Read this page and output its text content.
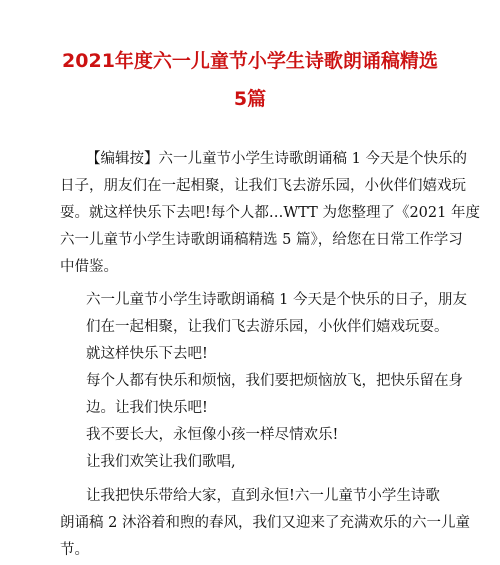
2021年度六一儿童节小学生诗歌朗诵稿精选
5篇

【编辑按】六一儿童节小学生诗歌朗诵稿 1 今天是个快乐的
日子，朋友们在一起相聚，让我们飞去游乐园，小伙伴们嬉戏玩
耍。就这样快乐下去吧!每个人都…WTT 为您整理了《2021 年度
六一儿童节小学生诗歌朗诵稿精选 5 篇》，给您在日常工作学习
中借鉴。

六一儿童节小学生诗歌朗诵稿 1 今天是个快乐的日子，朋友
们在一起相聚，让我们飞去游乐园，小伙伴们嬉戏玩耍。

就这样快乐下去吧!

每个人都有快乐和烦恼，我们要把烦恼放飞，把快乐留在身
边。让我们快乐吧!

我不要长大，永恒像小孩一样尽情欢乐!

让我们欢笑让我们歌唱,

让我把快乐带给大家，直到永恒!六一儿童节小学生诗歌
朗诵稿 2 沐浴着和煦的春风，我们又迎来了充满欢乐的六一儿童
节。
